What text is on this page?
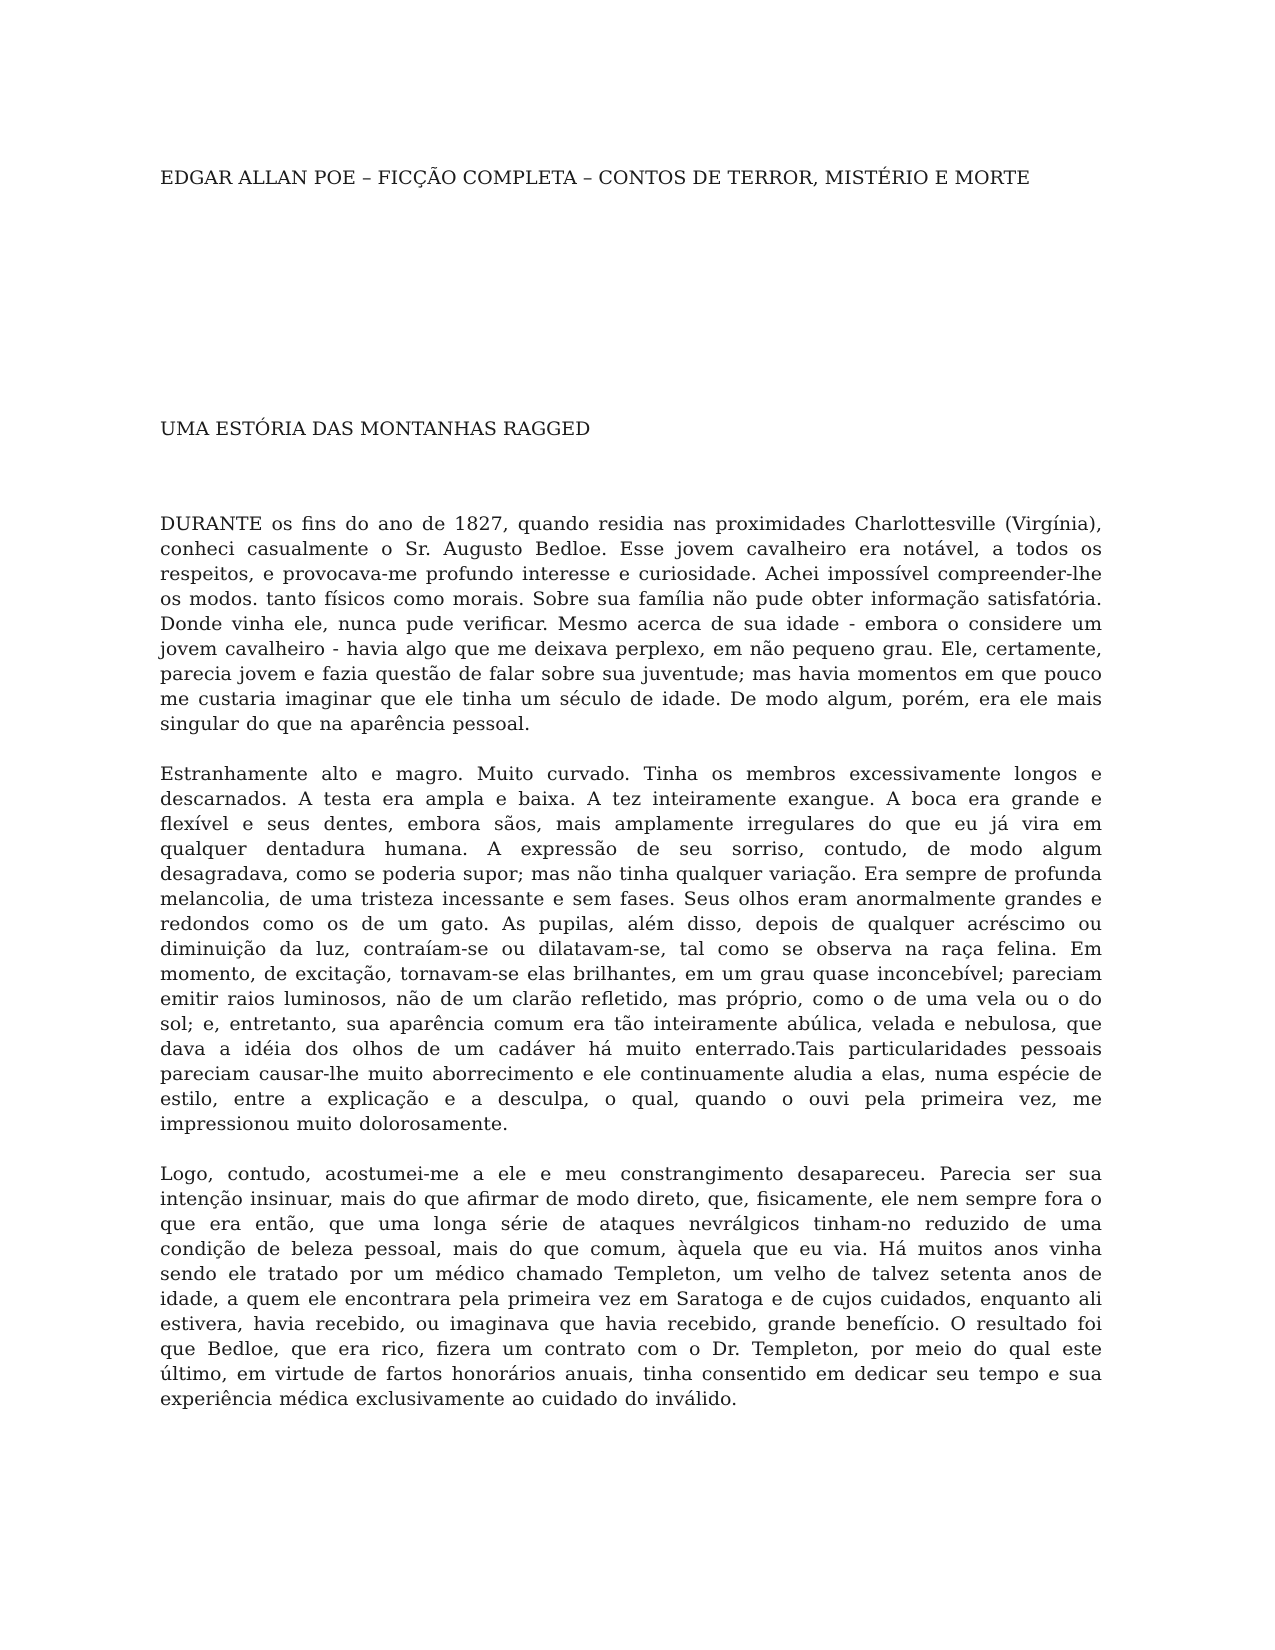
EDGAR ALLAN POE – FICÇÃO COMPLETA – CONTOS DE TERROR, MISTÉRIO E MORTE
UMA ESTÓRIA DAS MONTANHAS RAGGED

DURANTE os fins do ano de 1827, quando residia nas proximidades Charlottesville (Virgínia), conheci casualmente o Sr. Augusto Bedloe. Esse jovem cavalheiro era notável, a todos os respeitos, e provocava-me profundo interesse e curiosidade. Achei impossível compreender-lhe os modos. tanto físicos como morais. Sobre sua família não pude obter informação satisfatória. Donde vinha ele, nunca pude verificar. Mesmo acerca de sua idade - embora o considere um jovem cavalheiro - havia algo que me deixava perplexo, em não pequeno grau. Ele, certamente, parecia jovem e fazia questão de falar sobre sua juventude; mas havia momentos em que pouco me custaria imaginar que ele tinha um século de idade. De modo algum, porém, era ele mais singular do que na aparência pessoal.

Estranhamente alto e magro. Muito curvado. Tinha os membros excessivamente longos e descarnados. A testa era ampla e baixa. A tez inteiramente exangue. A boca era grande e flexível e seus dentes, embora sãos, mais amplamente irregulares do que eu já vira em qualquer dentadura humana. A expressão de seu sorriso, contudo, de modo algum desagradava, como se poderia supor; mas não tinha qualquer variação. Era sempre de profunda melancolia, de uma tristeza incessante e sem fases. Seus olhos eram anormalmente grandes e redondos como os de um gato. As pupilas, além disso, depois de qualquer acréscimo ou diminuição da luz, contraíam-se ou dilatavam-se, tal como se observa na raça felina. Em momento, de excitação, tornavam-se elas brilhantes, em um grau quase inconcebível; pareciam emitir raios luminosos, não de um clarão refletido, mas próprio, como o de uma vela ou o do sol; e, entretanto, sua aparência comum era tão inteiramente abúlica, velada e nebulosa, que dava a idéia dos olhos de um cadáver há muito enterrado.Tais particularidades pessoais pareciam causar-lhe muito aborrecimento e ele continuamente aludia a elas, numa espécie de estilo, entre a explicação e a desculpa, o qual, quando o ouvi pela primeira vez, me impressionou muito dolorosamente.

Logo, contudo, acostumei-me a ele e meu constrangimento desapareceu. Parecia ser sua intenção insinuar, mais do que afirmar de modo direto, que, fisicamente, ele nem sempre fora o que era então, que uma longa série de ataques nevrálgicos tinham-no reduzido de uma condição de beleza pessoal, mais do que comum, àquela que eu via. Há muitos anos vinha sendo ele tratado por um médico chamado Templeton, um velho de talvez setenta anos de idade, a quem ele encontrara pela primeira vez em Saratoga e de cujos cuidados, enquanto ali estivera, havia recebido, ou imaginava que havia recebido, grande benefício. O resultado foi que Bedloe, que era rico, fizera um contrato com o Dr. Templeton, por meio do qual este último, em virtude de fartos honorários anuais, tinha consentido em dedicar seu tempo e sua experiência médica exclusivamente ao cuidado do inválido.
